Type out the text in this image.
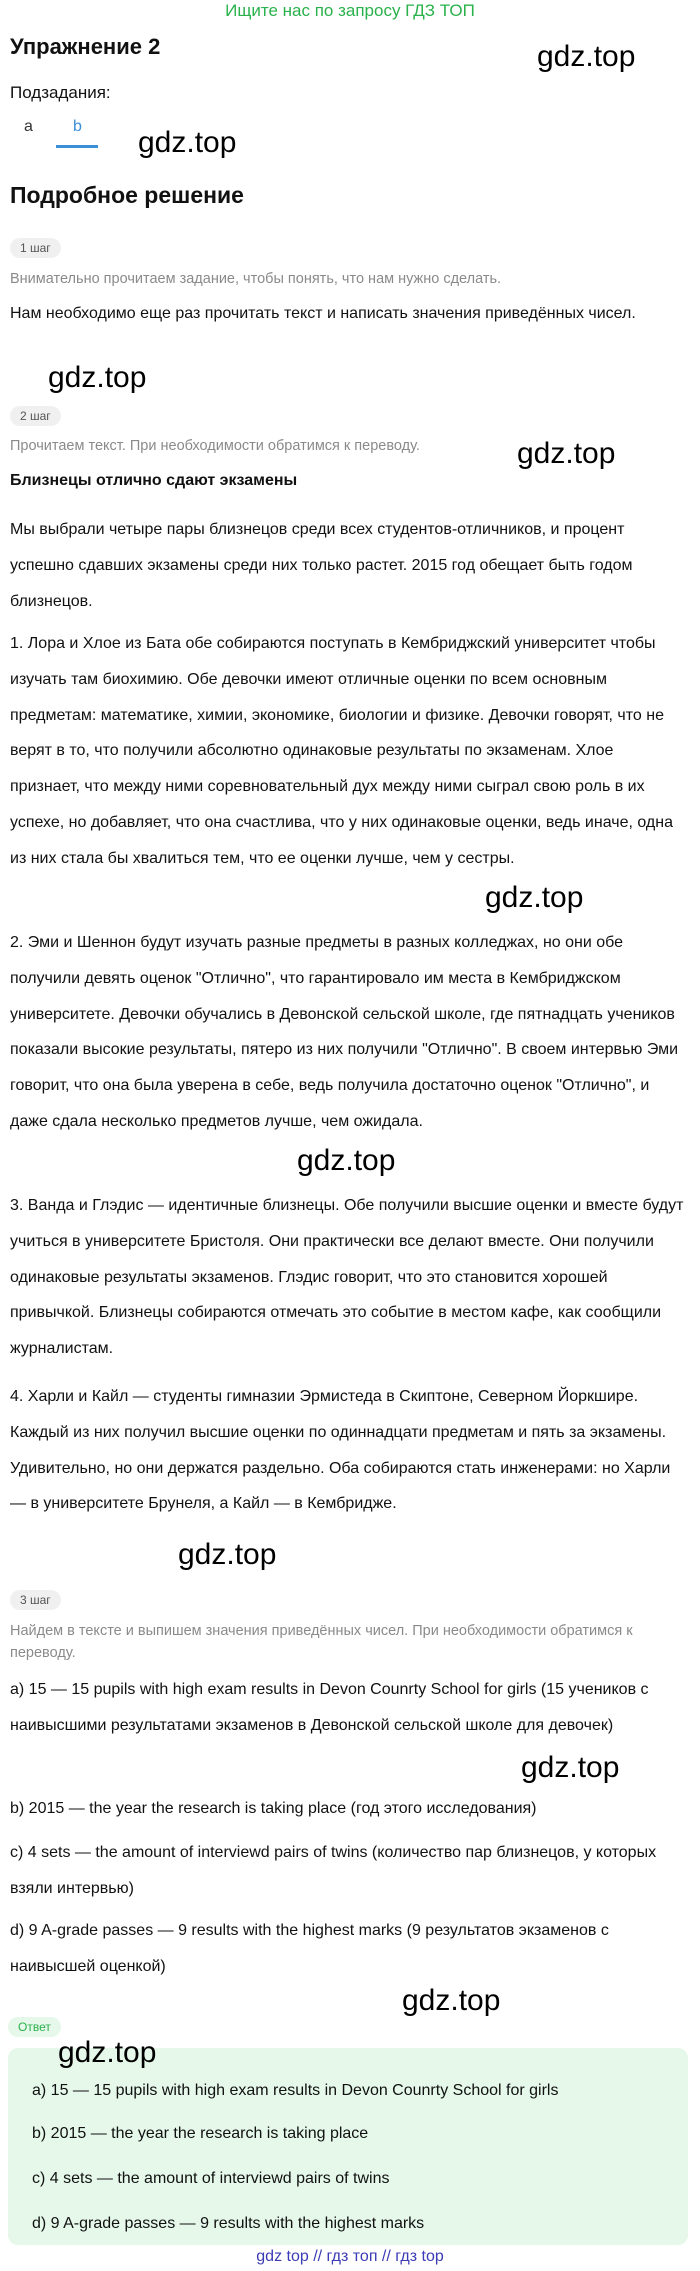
Ищите нас по запросу ГДЗ ТОП
Упражнение 2	gdz.top
Подзадания:
a	b gdz.top
Подробное решение
1 шаг
Внимательно прочитаем задание, чтобы понять, что нам нужно сделать.
Нам необходимо еще раз прочитать текст и написать значения приведённых чисел.
gdz.top
2 шаг
Прочитаем текст. При необходимости обратимся к переводу.	gdz.top
Близнецы отлично сдают экзамены
Мы выбрали четыре пары близнецов среди всех студентов-отличников, и процент успешно сдавших экзамены среди них только растет. 2015 год обещает быть годом близнецов.
1. Лора и Хлое из Бата обе собираются поступать в Кембриджский университет чтобы изучать там биохимию. Обе девочки имеют отличные оценки по всем основным предметам: математике, химии, экономике, биологии и физике. Девочки говорят, что не верят в то, что получили абсолютно одинаковые результаты по экзаменам. Хлое признает, что между ними соревновательный дух между ними сыграл свою роль в их успехе, но добавляет, что она счастлива, что у них одинаковые оценки, ведь иначе, одна из них стала бы хвалиться тем, что ее оценки лучше, чем у сестры.
gdz.top
2. Эми и Шеннон будут изучать разные предметы в разных колледжах, но они обе получили девять оценок "Отлично", что гарантировало им места в Кембриджском университете. Девочки обучались в Девонской сельской школе, где пятнадцать учеников показали высокие результаты, пятеро из них получили "Отлично". В своем интервью Эми говорит, что она была уверена в себе, ведь получила достаточно оценок "Отлично", и даже сдала несколько предметов лучше, чем ожидала.
gdz.top
3. Ванда и Глэдис — идентичные близнецы. Обе получили высшие оценки и вместе будут учиться в университете Бристоля. Они практически все делают вместе. Они получили одинаковые результаты экзаменов. Глэдис говорит, что это становится хорошей привычкой. Близнецы собираются отмечать это событие в местом кафе, как сообщили журналистам.
4. Харли и Кайл — студенты гимназии Эрмистеда в Скиптоне, Северном Йоркшире. Каждый из них получил высшие оценки по одиннадцати предметам и пять за экзамены. Удивительно, но они держатся раздельно. Оба собираются стать инженерами: но Харли — в университете Брунеля, а Кайл — в Кембридже.
gdz.top
3 шаг
Найдем в тексте и выпишем значения приведённых чисел. При необходимости обратимся к переводу.
a) 15 — 15 pupils with high exam results in Devon Counrty School for girls (15 учеников с наивысшими результатами экзаменов в Девонской сельской школе для девочек)
gdz.top
b) 2015 — the year the research is taking place (год этого исследования)
c) 4 sets — the amount of interviewd pairs of twins (количество пар близнецов, у которых взяли интервью)
d) 9 A-grade passes — 9 results with the highest marks (9 результатов экзаменов с наивысшей оценкой)
gdz.top
Ответ
gdz.top
a) 15 — 15 pupils with high exam results in Devon Counrty School for girls
b) 2015 — the year the research is taking place
c) 4 sets — the amount of interviewd pairs of twins
d) 9 A-grade passes — 9 results with the highest marks
gdz top // гдз топ // гдз top
